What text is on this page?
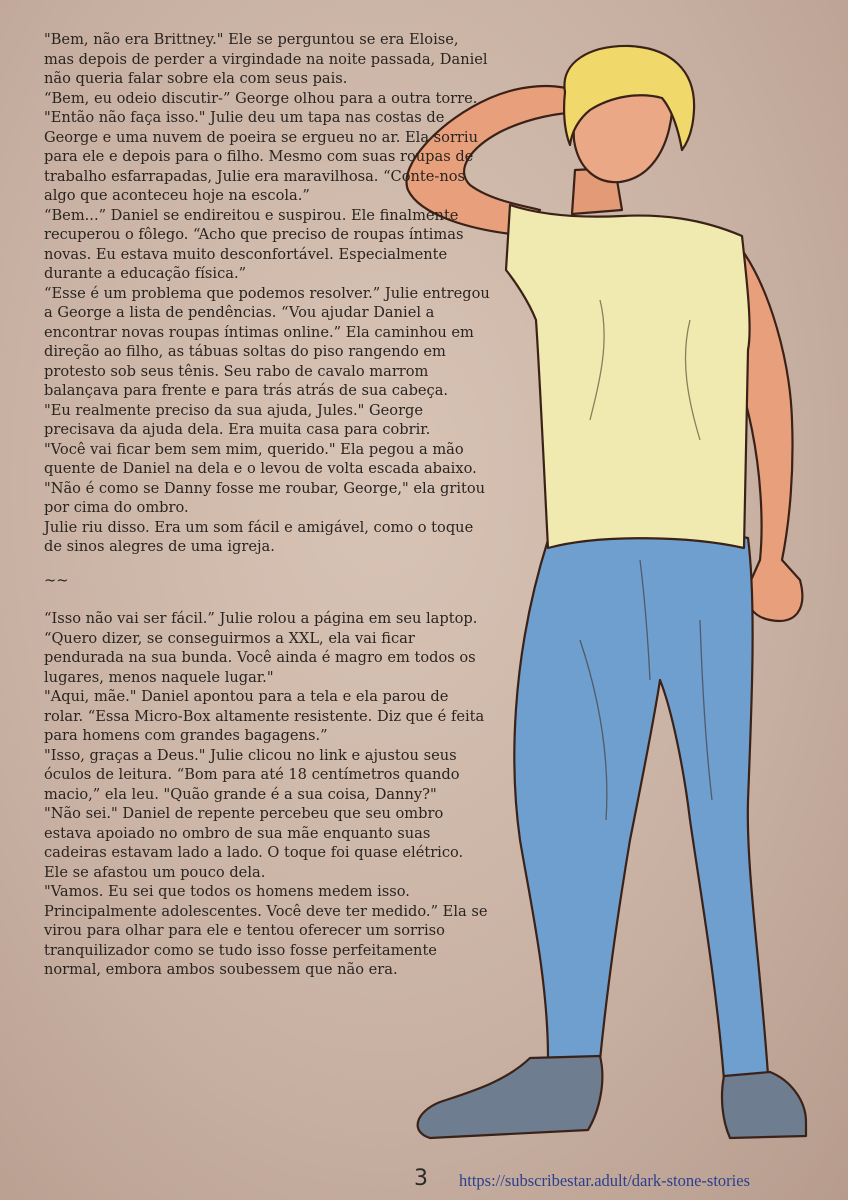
"Bem, não era Brittney." Ele se perguntou se era Eloise, mas depois de perder a virgindade na noite passada, Daniel não queria falar sobre ela com seus pais.

“Bem, eu odeio discutir-” George olhou para a outra torre.

"Então não faça isso." Julie deu um tapa nas costas de George e uma nuvem de poeira se ergueu no ar. Ela sorriu para ele e depois para o filho. Mesmo com suas roupas de trabalho esfarrapadas, Julie era maravilhosa. “Conte-nos algo que aconteceu hoje na escola.”

“Bem...” Daniel se endireitou e suspirou. Ele finalmente recuperou o fôlego. “Acho que preciso de roupas íntimas novas. Eu estava muito desconfortável. Especialmente durante a educação física.”

“Esse é um problema que podemos resolver.” Julie entregou a George a lista de pendências. “Vou ajudar Daniel a encontrar novas roupas íntimas online.” Ela caminhou em direção ao filho, as tábuas soltas do piso rangendo em protesto sob seus tênis. Seu rabo de cavalo marrom balançava para frente e para trás atrás de sua cabeça.

"Eu realmente preciso da sua ajuda, Jules." George precisava da ajuda dela. Era muita casa para cobrir.

"Você vai ficar bem sem mim, querido." Ela pegou a mão quente de Daniel na dela e o levou de volta escada abaixo. "Não é como se Danny fosse me roubar, George," ela gritou por cima do ombro.

Julie riu disso. Era um som fácil e amigável, como o toque de sinos alegres de uma igreja.

~~

“Isso não vai ser fácil.” Julie rolou a página em seu laptop. “Quero dizer, se conseguirmos a XXL, ela vai ficar pendurada na sua bunda. Você ainda é magro em todos os lugares, menos naquele lugar."

"Aqui, mãe." Daniel apontou para a tela e ela parou de rolar. “Essa Micro-Box altamente resistente. Diz que é feita para homens com grandes bagagens.”

"Isso, graças a Deus." Julie clicou no link e ajustou seus óculos de leitura. “Bom para até 18 centímetros quando macio,” ela leu. "Quão grande é a sua coisa, Danny?"

"Não sei." Daniel de repente percebeu que seu ombro estava apoiado no ombro de sua mãe enquanto suas cadeiras estavam lado a lado. O toque foi quase elétrico. Ele se afastou um pouco dela.

"Vamos. Eu sei que todos os homens medem isso. Principalmente adolescentes. Você deve ter medido.” Ela se virou para olhar para ele e tentou oferecer um sorriso tranquilizador como se tudo isso fosse perfeitamente normal, embora ambos soubessem que não era.

3 https://subscribestar.adult/dark-stone-stories
